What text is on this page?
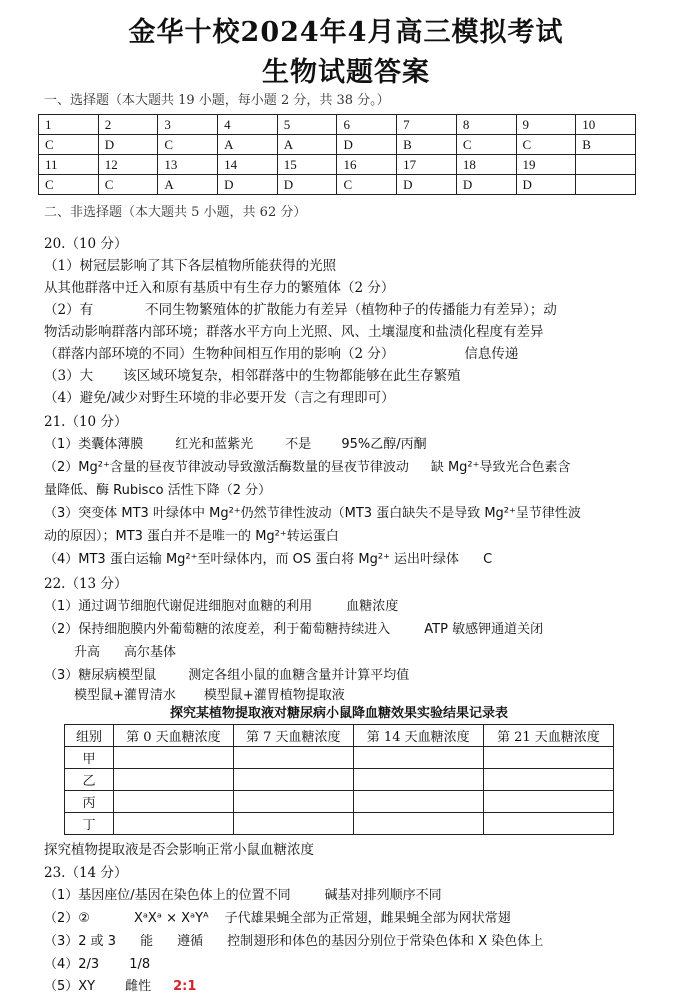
金华十校2024年4月高三模拟考试
生物试题答案
一、选择题（本大题共 19 小题，每小题 2 分，共 38 分。）
1	2	3	4	5	6	7	8	9	10
C	D	C	A	A	D	B	C	C	B
11	12	13	14	15	16	17	18	19	
C	C	A	D	D	C	D	D	D	
二、非选择题（本大题共 5 小题，共 62 分）
20.（10 分）
（1）树冠层影响了其下各层植物所能获得的光照
从其他群落中迁入和原有基质中有生存力的繁殖体（2 分）
（2）有	不同生物繁殖体的扩散能力有差异（植物种子的传播能力有差异）；动
物活动影响群落内部环境；群落水平方向上光照、风、土壤湿度和盐渍化程度有差异
（群落内部环境的不同）生物种间相互作用的影响（2 分）	信息传递
（3）大 该区域环境复杂，相邻群落中的生物都能够在此生存繁殖
（4）避免/减少对野生环境的非必要开发（言之有理即可）
21.（10 分）
（1）类囊体薄膜 红光和蓝紫光 不是 95%乙醇/丙酮
（2）Mg²⁺含量的昼夜节律波动导致激活酶数量的昼夜节律波动 缺 Mg²⁺导致光合色素含
量降低、酶 Rubisco 活性下降（2 分）
（3）突变体 MT3 叶绿体中 Mg²⁺仍然节律性波动（MT3 蛋白缺失不是导致 Mg²⁺呈节律性波
动的原因）；MT3 蛋白并不是唯一的 Mg²⁺转运蛋白
（4）MT3 蛋白运输 Mg²⁺至叶绿体内，而 OS 蛋白将 Mg²⁺ 运出叶绿体 C
22.（13 分）
（1）通过调节细胞代谢促进细胞对血糖的利用	血糖浓度
（2）保持细胞膜内外葡萄糖的浓度差，利于葡萄糖持续进入	ATP 敏感钾通道关闭
升高 高尔基体
（3）糖尿病模型鼠 测定各组小鼠的血糖含量并计算平均值
模型鼠+灌胃清水 模型鼠+灌胃植物提取液
探究某植物提取液对糖尿病小鼠降血糖效果实验结果记录表
组别	第 0 天血糖浓度	第 7 天血糖浓度	第 14 天血糖浓度	第 21 天血糖浓度
甲				
乙				
丙				
丁				
探究植物提取液是否会影响正常小鼠血糖浓度
23.（14 分）
（1）基因座位/基因在染色体上的位置不同	碱基对排列顺序不同
（2）②	XᵃXᵃ × XᵃYᴬ 子代雄果蝇全部为正常翅，雌果蝇全部为网状常翅
（3）2 或 3 能 遵循 控制翅形和体色的基因分别位于常染色体和 X 染色体上
（4）2/3 1/8
（5）XY 雌性 2:1
